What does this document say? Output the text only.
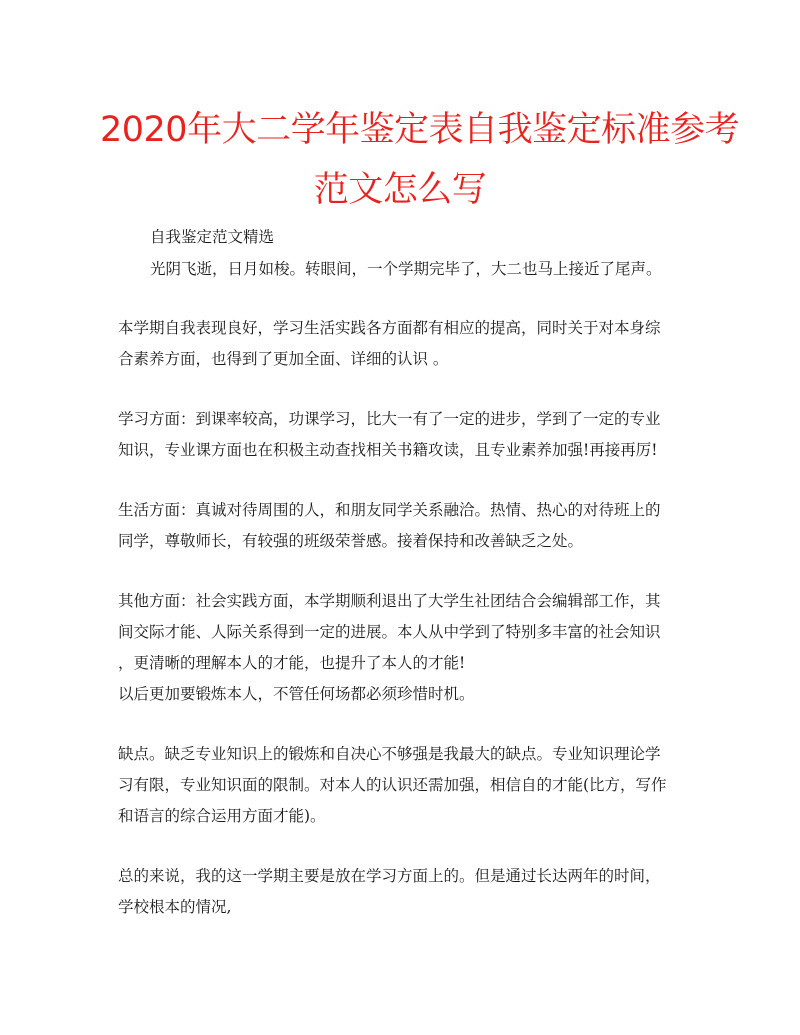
2020年大二学年鉴定表自我鉴定标准参考
范文怎么写
自我鉴定范文精选
光阴飞逝，日月如梭。转眼间，一个学期完毕了，大二也马上接近了尾声。
本学期自我表现良好，学习生活实践各方面都有相应的提高，同时关于对本身综
合素养方面，也得到了更加全面、详细的认识 。
学习方面：到课率较高，功课学习，比大一有了一定的进步，学到了一定的专业
知识，专业课方面也在积极主动查找相关书籍攻读，且专业素养加强!再接再厉!
生活方面：真诚对待周围的人，和朋友同学关系融洽。热情、热心的对待班上的
同学，尊敬师长，有较强的班级荣誉感。接着保持和改善缺乏之处。
其他方面：社会实践方面，本学期顺利退出了大学生社团结合会编辑部工作，其
间交际才能、人际关系得到一定的进展。本人从中学到了特别多丰富的社会知识
，更清晰的理解本人的才能，也提升了本人的才能!
以后更加要锻炼本人，不管任何场都必须珍惜时机。
缺点。缺乏专业知识上的锻炼和自决心不够强是我最大的缺点。专业知识理论学
习有限，专业知识面的限制。对本人的认识还需加强，相信自的才能(比方，写作
和语言的综合运用方面才能)。
总的来说，我的这一学期主要是放在学习方面上的。但是通过长达两年的时间，
学校根本的情况,
